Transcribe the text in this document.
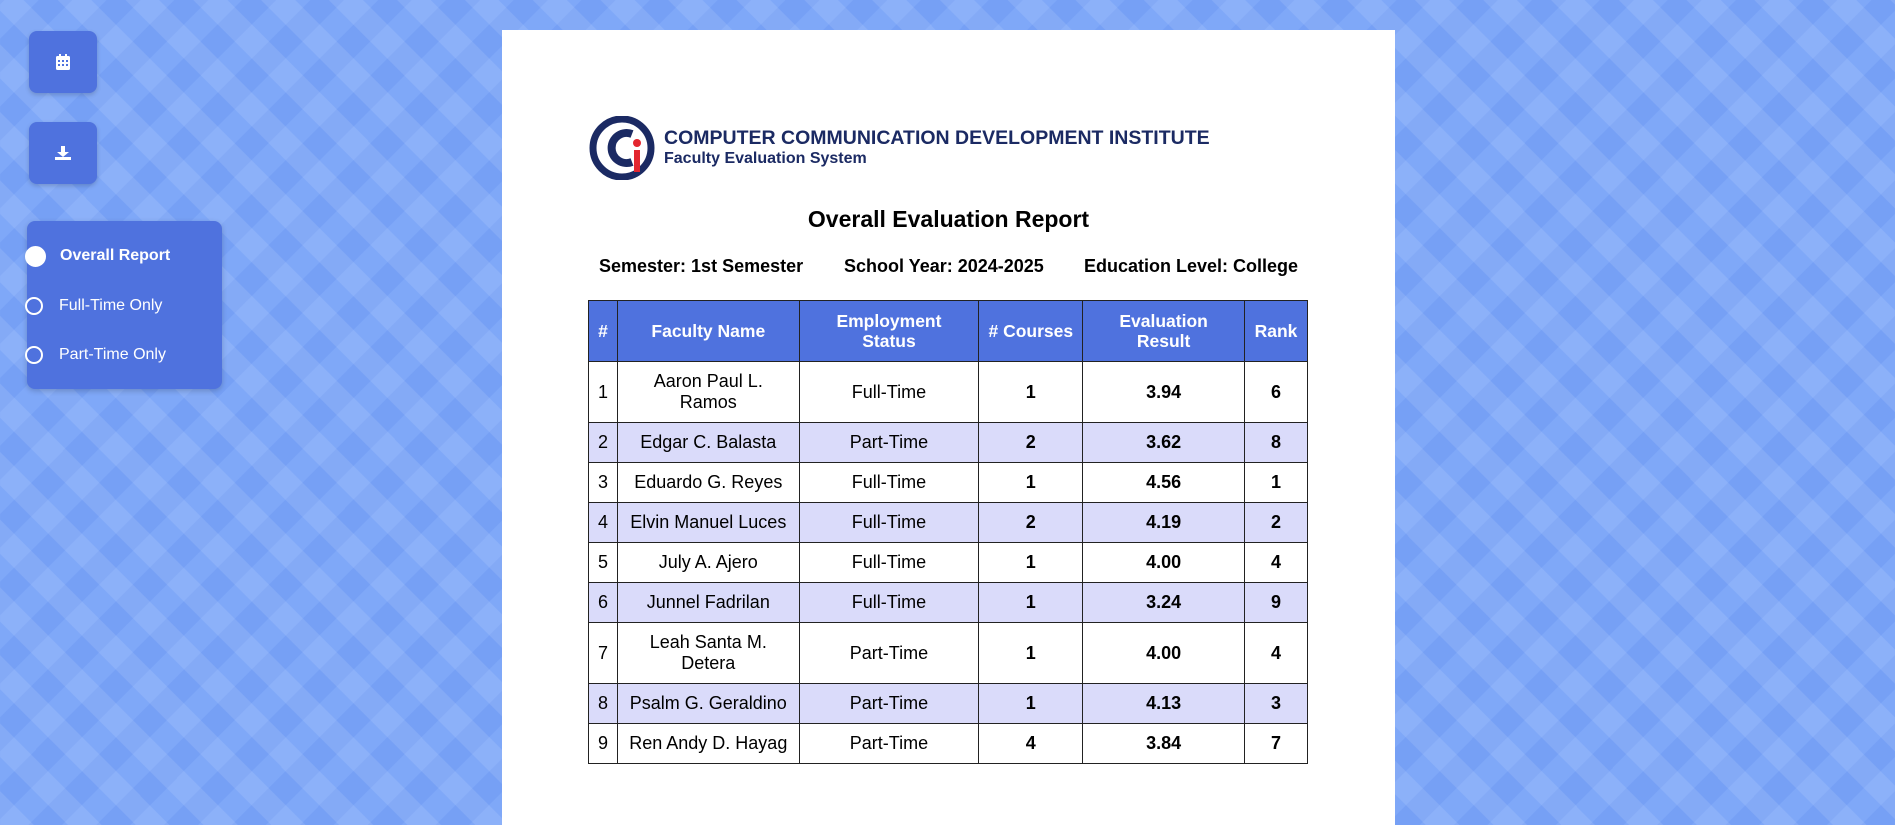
Overall Report
Full-Time Only
Part-Time Only
COMPUTER COMMUNICATION DEVELOPMENT INSTITUTE
Faculty Evaluation System
Overall Evaluation Report
Semester: 1st Semester School Year: 2024-2025 Education Level: College
#	Faculty Name	Employment Status	# Courses	Evaluation Result	Rank
1	Aaron Paul L. Ramos	Full-Time	1	3.94	6
2	Edgar C. Balasta	Part-Time	2	3.62	8
3	Eduardo G. Reyes	Full-Time	1	4.56	1
4	Elvin Manuel Luces	Full-Time	2	4.19	2
5	July A. Ajero	Full-Time	1	4.00	4
6	Junnel Fadrilan	Full-Time	1	3.24	9
7	Leah Santa M. Detera	Part-Time	1	4.00	4
8	Psalm G. Geraldino	Part-Time	1	4.13	3
9	Ren Andy D. Hayag	Part-Time	4	3.84	7
